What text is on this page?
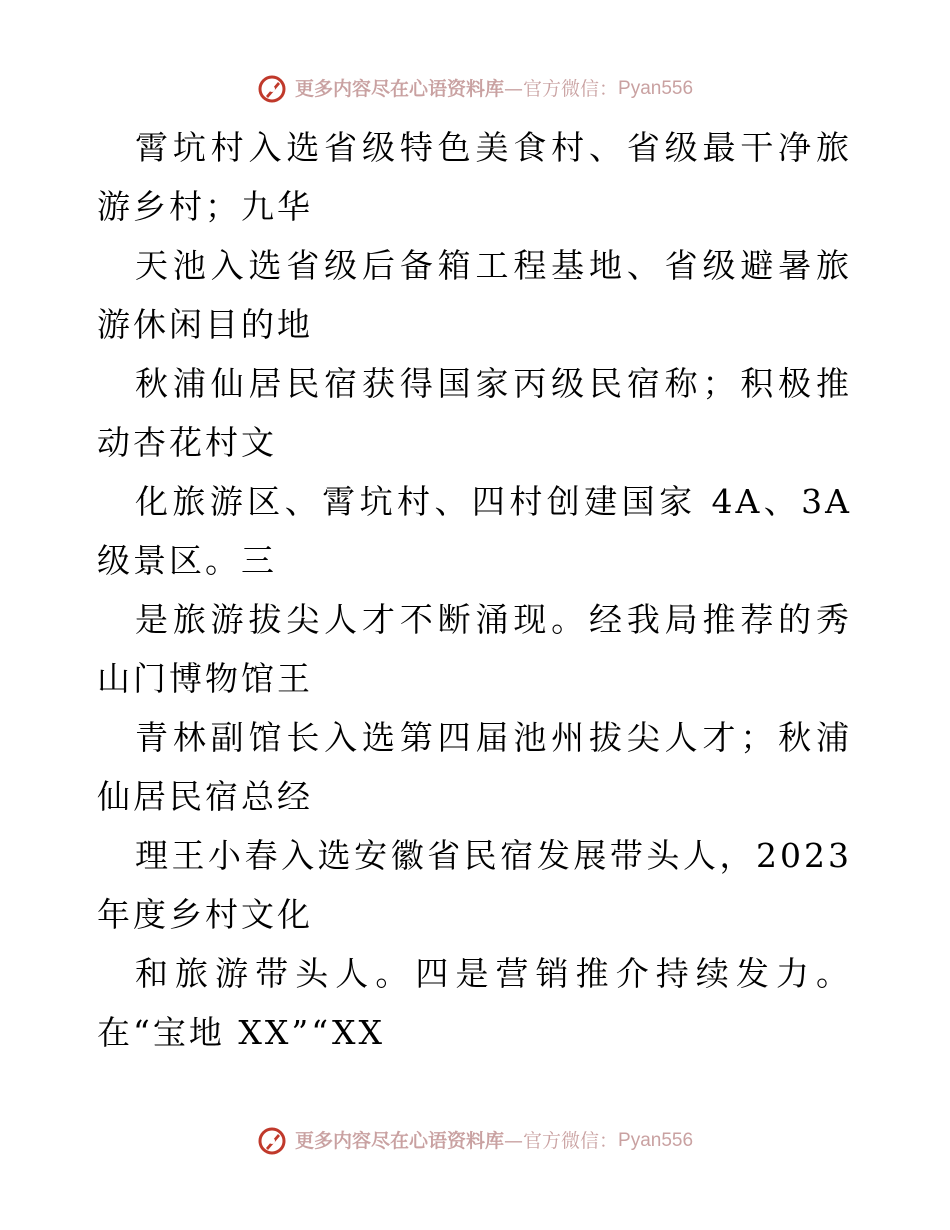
更多内容尽在心语资料库 — 官方微信 ： Pyan556

霄坑村入选省级特色美食村、省级最干净旅游乡村；九华

天池入选省级后备箱工程基地、省级避暑旅游休闲目的地

秋浦仙居民宿获得国家丙级民宿称；积极推动杏花村文

化旅游区、霄坑村、四村创建国家 4A、3A 级景区。三

是旅游拔尖人才不断涌现。经我局推荐的秀山门博物馆王

青林副馆长入选第四届池州拔尖人才；秋浦仙居民宿总经

理王小春入选安徽省民宿发展带头人，2023 年度乡村文化

和旅游带头人。四是营销推介持续发力。在“宝地 XX”“XX

更多内容尽在心语资料库 — 官方微信 ： Pyan556
